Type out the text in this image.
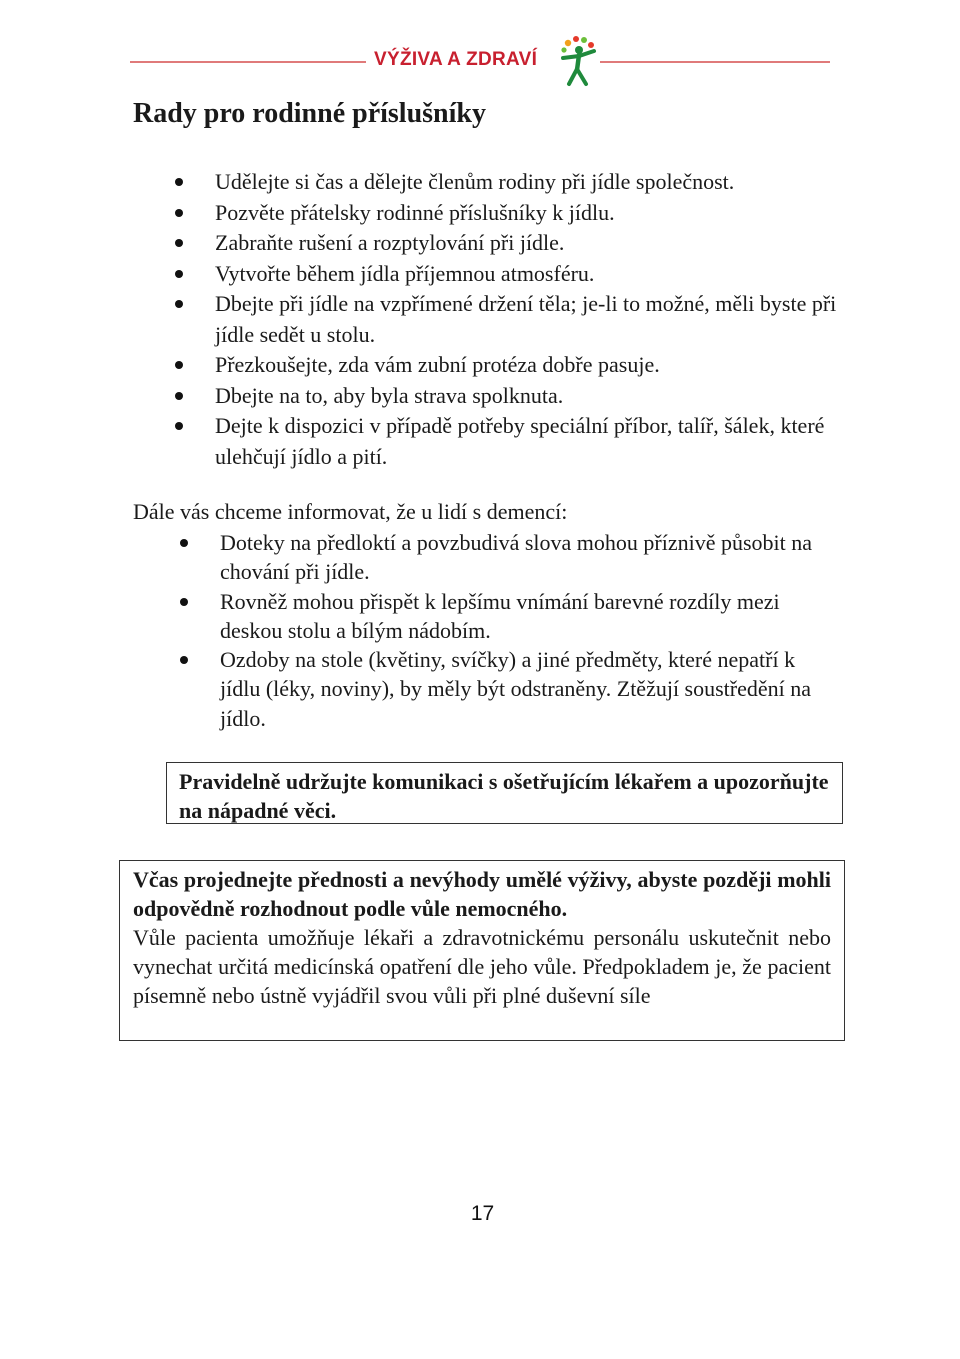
VÝŽIVA A ZDRAVÍ
Rady pro rodinné příslušníky
Udělejte si čas a dělejte členům rodiny při jídle společnost.
Pozvěte přátelsky rodinné příslušníky k jídlu.
Zabraňte rušení a rozptylování při jídle.
Vytvořte během jídla příjemnou atmosféru.
Dbejte při jídle na vzpřímené držení těla; je-li to možné, měli byste při jídle sedět u stolu.
Přezkoušejte, zda vám zubní protéza dobře pasuje.
Dbejte na to, aby byla strava spolknuta.
Dejte k dispozici v případě potřeby speciální příbor, talíř, šálek, které ulehčují jídlo a pití.

Dále vás chceme informovat, že u lidí s demencí:

Doteky na předloktí a povzbudivá slova mohou příznivě působit na chování při jídle.
Rovněž mohou přispět k lepšímu vnímání barevné rozdíly mezi deskou stolu a bílým nádobím.
Ozdoby na stole (květiny, svíčky) a jiné předměty, které nepatří k jídlu (léky, noviny), by měly být odstraněny. Ztěžují soustředění na jídlo.
Pravidelně udržujte komunikaci s ošetřujícím lékařem a upozorňujte na nápadné věci.

Včas projednejte přednosti a nevýhody umělé výživy, abyste později mohli odpovědně rozhodnout podle vůle nemocného.

Vůle pacienta umožňuje lékaři a zdravotnickému personálu uskutečnit nebo vynechat určitá medicínská opatření dle jeho vůle. Předpokladem je, že pacient písemně nebo ústně vyjádřil svou vůli při plné duševní síle

17
